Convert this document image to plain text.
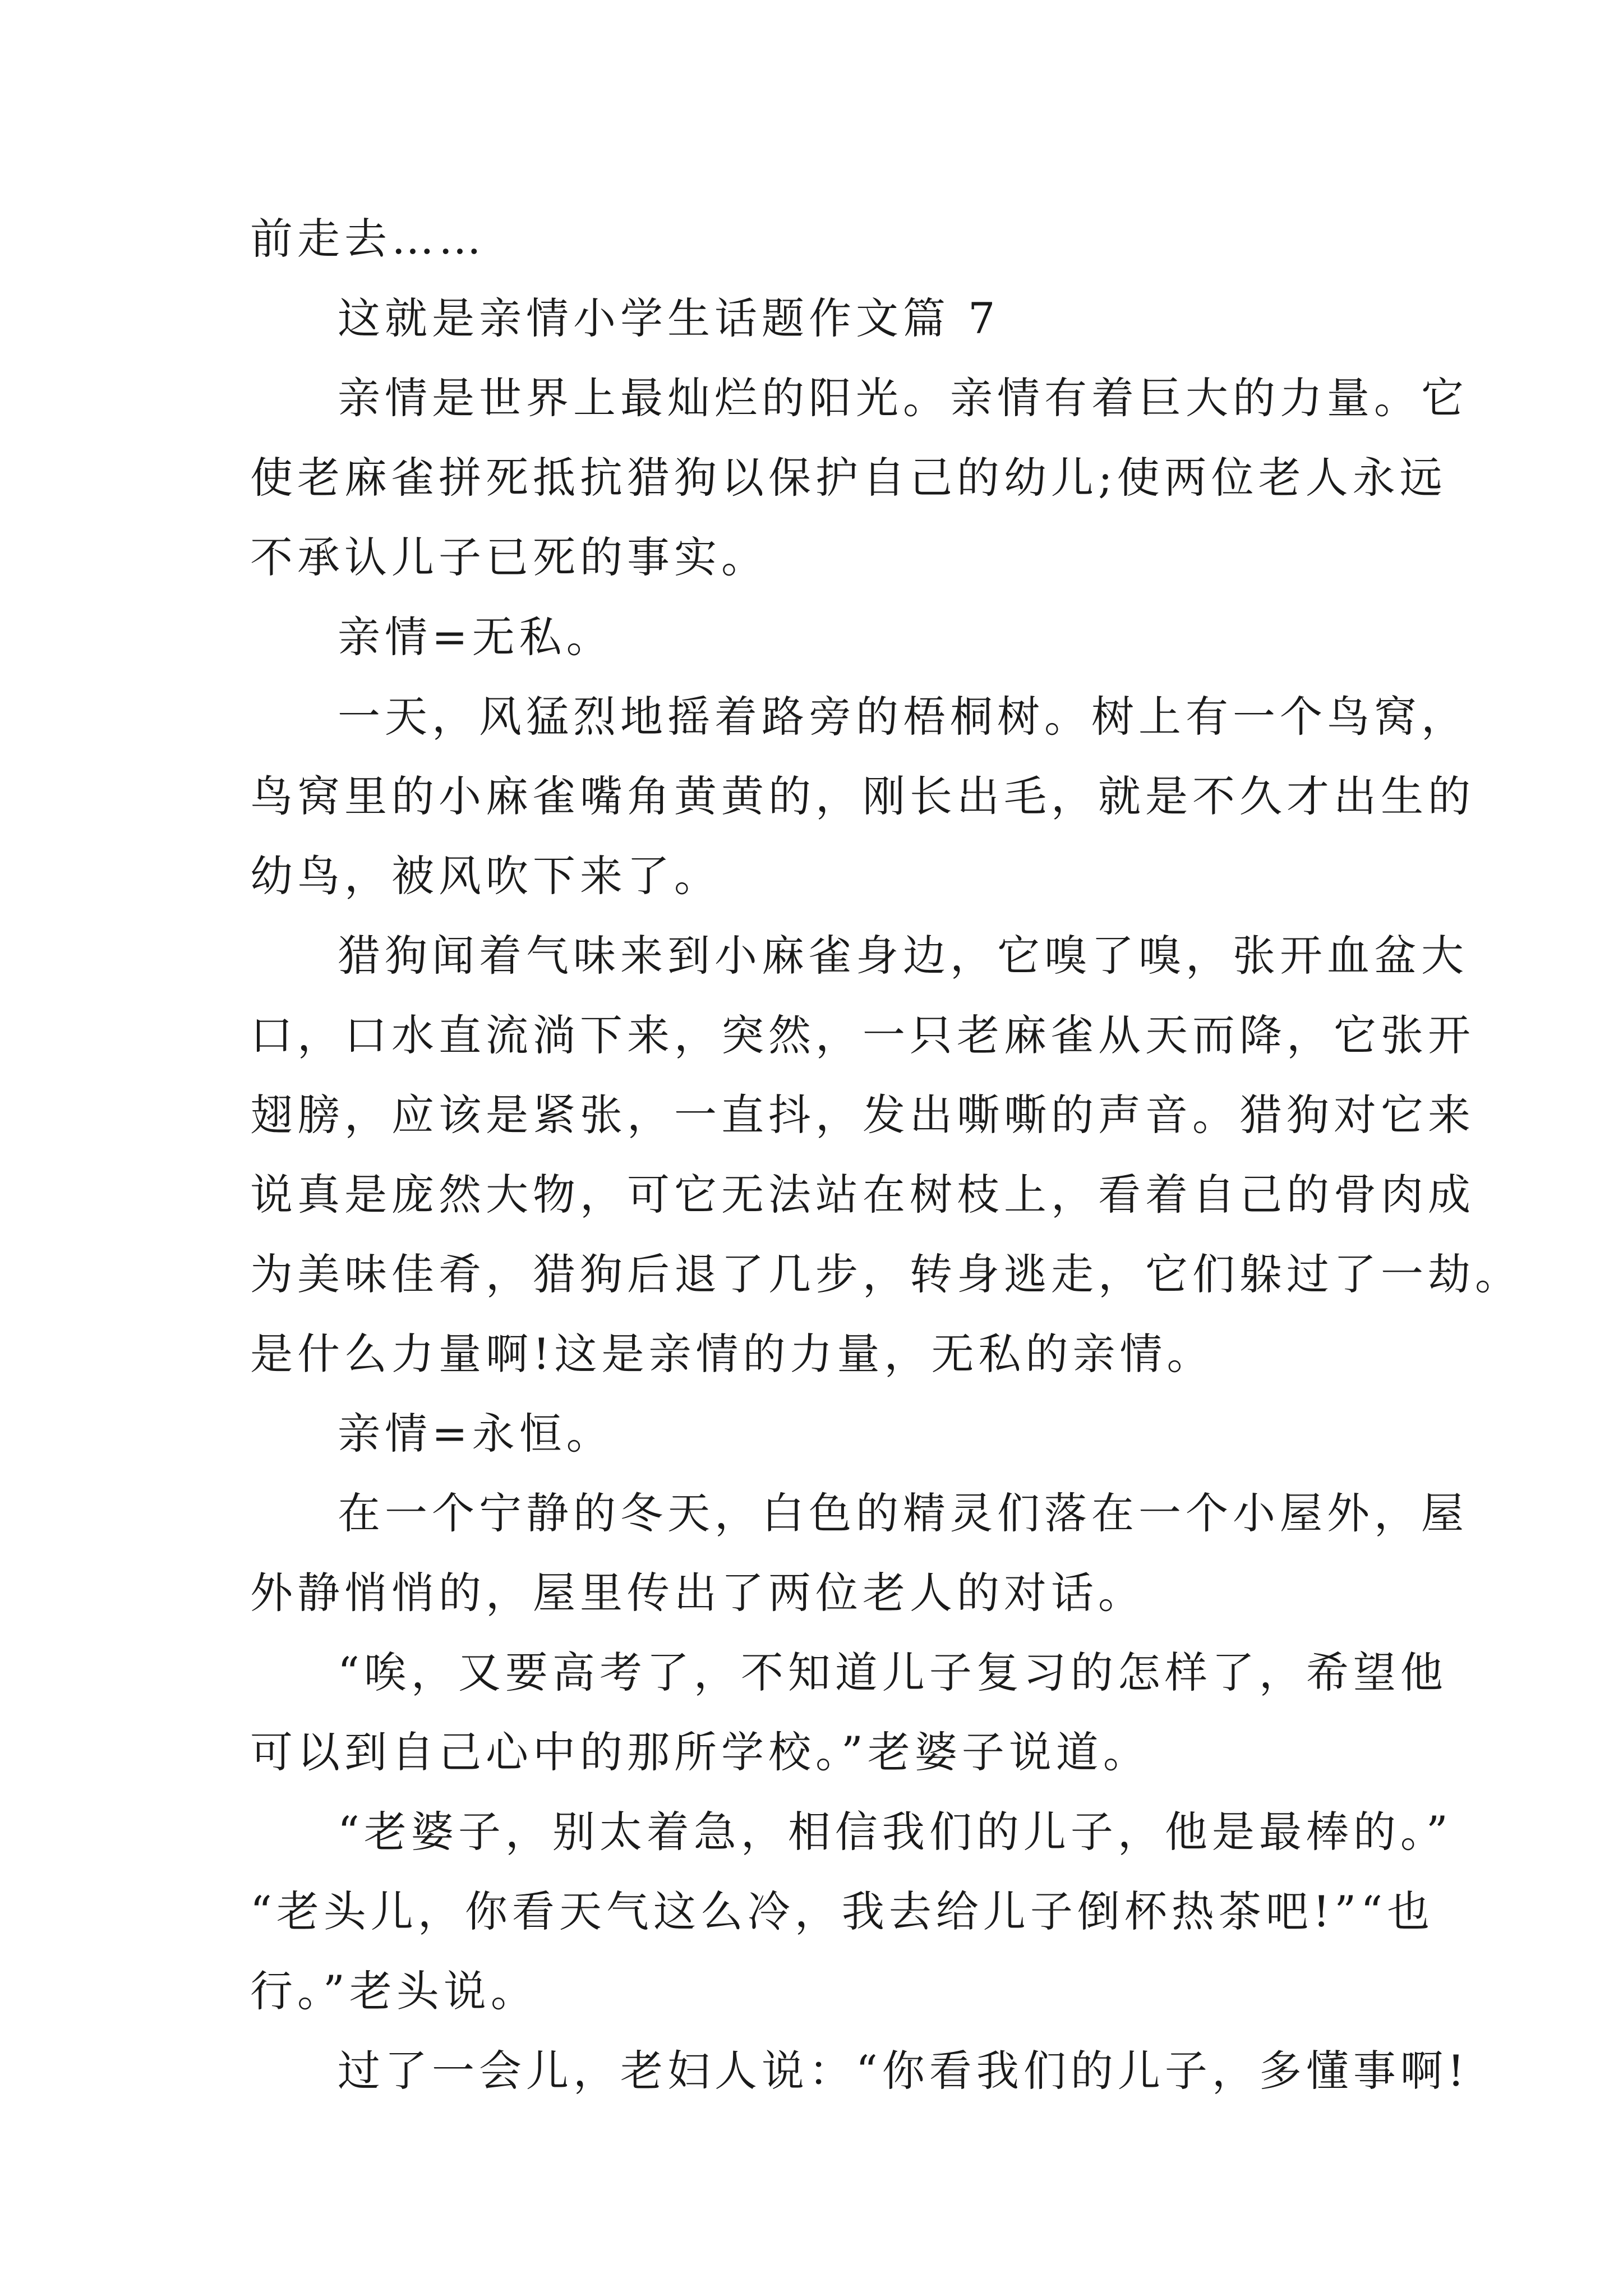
前走去……
这就是亲情小学生话题作文篇 7
亲情是世界上最灿烂的阳光。亲情有着巨大的力量。它
使老麻雀拼死抵抗猎狗以保护自己的幼儿;使两位老人永远
不承认儿子已死的事实。
亲情=无私。
一天，风猛烈地摇着路旁的梧桐树。树上有一个鸟窝，
鸟窝里的小麻雀嘴角黄黄的，刚长出毛，就是不久才出生的
幼鸟，被风吹下来了。
猎狗闻着气味来到小麻雀身边，它嗅了嗅，张开血盆大
口，口水直流淌下来，突然，一只老麻雀从天而降，它张开
翅膀，应该是紧张，一直抖，发出嘶嘶的声音。猎狗对它来
说真是庞然大物，可它无法站在树枝上，看着自己的骨肉成
为美味佳肴，猎狗后退了几步，转身逃走，它们躲过了一劫。
是什么力量啊!这是亲情的力量，无私的亲情。
亲情=永恒。
在一个宁静的冬天，白色的精灵们落在一个小屋外，屋
外静悄悄的，屋里传出了两位老人的对话。
“唉，又要高考了，不知道儿子复习的怎样了，希望他
可以到自己心中的那所学校。”老婆子说道。
“老婆子，别太着急，相信我们的儿子，他是最棒的。”
“老头儿，你看天气这么冷，我去给儿子倒杯热茶吧!”“也
行。”老头说。
过了一会儿，老妇人说：“你看我们的儿子，多懂事啊!
